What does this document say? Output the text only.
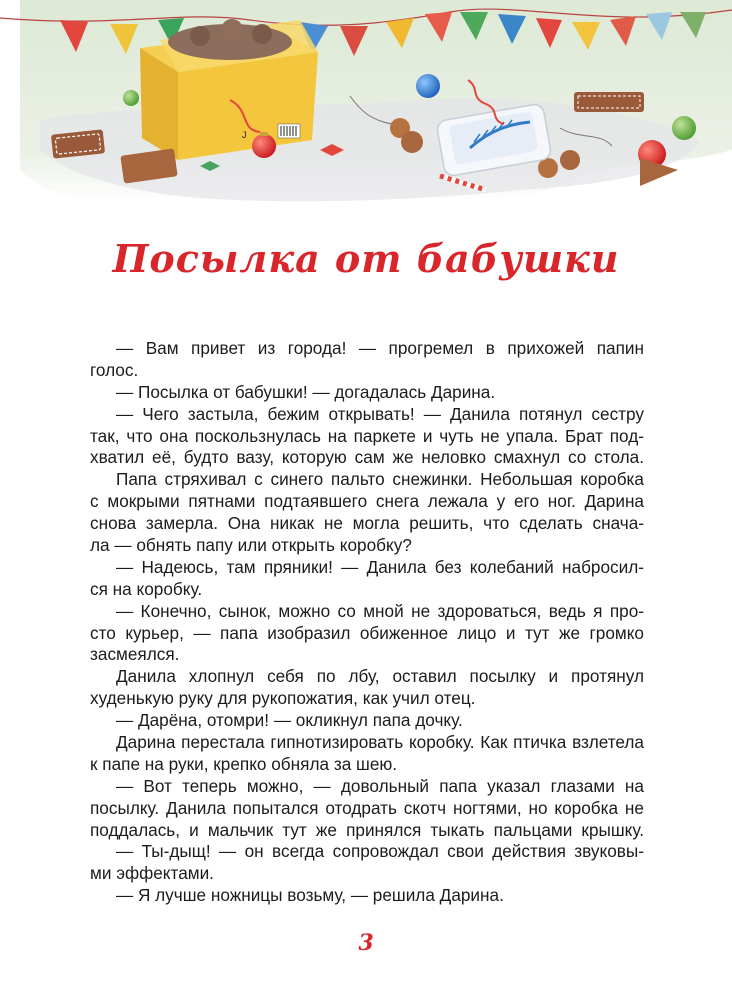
J
Посылка от бабушки
— Вам привет из города! — прогремел в прихожей папин
голос.
— Посылка от бабушки! — догадалась Дарина.
— Чего застыла, бежим открывать! — Данила потянул сестру
так, что она поскользнулась на паркете и чуть не упала. Брат под-
хватил её, будто вазу, которую сам же неловко смахнул со стола.
Папа стряхивал с синего пальто снежинки. Небольшая коробка
с мокрыми пятнами подтаявшего снега лежала у его ног. Дарина
снова замерла. Она никак не могла решить, что сделать снача-
ла — обнять папу или открыть коробку?
— Надеюсь, там пряники! — Данила без колебаний набросил-
ся на коробку.
— Конечно, сынок, можно со мной не здороваться, ведь я про-
сто курьер, — папа изобразил обиженное лицо и тут же громко
засмеялся.
Данила хлопнул себя по лбу, оставил посылку и протянул
худенькую руку для рукопожатия, как учил отец.
— Дарёна, отомри! — окликнул папа дочку.
Дарина перестала гипнотизировать коробку. Как птичка взлетела
к папе на руки, крепко обняла за шею.
— Вот теперь можно, — довольный папа указал глазами на
посылку. Данила попытался отодрать скотч ногтями, но коробка не
поддалась, и мальчик тут же принялся тыкать пальцами крышку.
— Ты-дыщ! — он всегда сопровождал свои действия звуковы-
ми эффектами.
— Я лучше ножницы возьму, — решила Дарина.
3
